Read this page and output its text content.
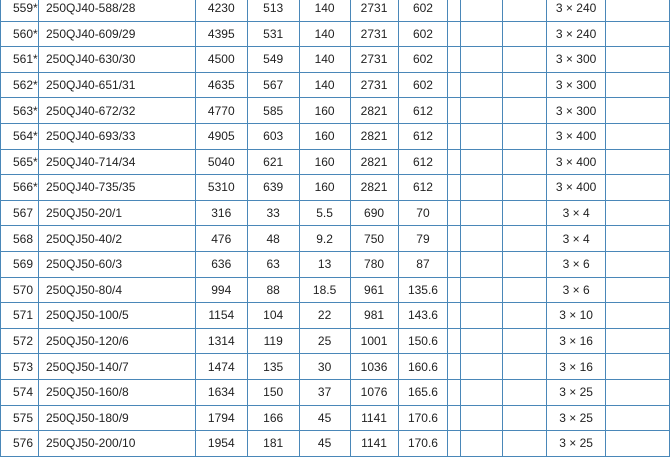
559*	250QJ40-588/28	4230	513	140	2731	602				3 × 240	
560*	250QJ40-609/29	4395	531	140	2731	602				3 × 240	
561*	250QJ40-630/30	4500	549	140	2731	602				3 × 300	
562*	250QJ40-651/31	4635	567	140	2731	602				3 × 300	
563*	250QJ40-672/32	4770	585	160	2821	612				3 × 300	
564*	250QJ40-693/33	4905	603	160	2821	612				3 × 400	
565*	250QJ40-714/34	5040	621	160	2821	612				3 × 400	
566*	250QJ40-735/35	5310	639	160	2821	612				3 × 400	
567	250QJ50-20/1	316	33	5.5	690	70				3 × 4	
568	250QJ50-40/2	476	48	9.2	750	79				3 × 4	
569	250QJ50-60/3	636	63	13	780	87				3 × 6	
570	250QJ50-80/4	994	88	18.5	961	135.6				3 × 6	
571	250QJ50-100/5	1154	104	22	981	143.6				3 × 10	
572	250QJ50-120/6	1314	119	25	1001	150.6				3 × 16	
573	250QJ50-140/7	1474	135	30	1036	160.6				3 × 16	
574	250QJ50-160/8	1634	150	37	1076	165.6				3 × 25	
575	250QJ50-180/9	1794	166	45	1141	170.6				3 × 25	
576	250QJ50-200/10	1954	181	45	1141	170.6				3 × 25	
